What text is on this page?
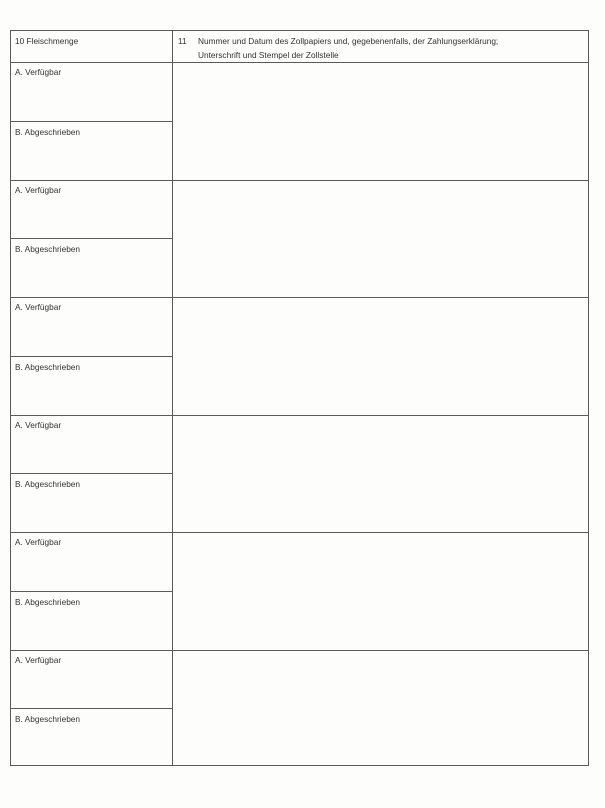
10 Fleischmenge	11 Nummer und Datum des Zollpapiers und, gegebenenfalls, der Zahlungserklärung;
Unterschrift und Stempel der Zollstelle
A. Verfügbar
B. Abgeschrieben
A. Verfügbar
B. Abgeschrieben
A. Verfügbar
B. Abgeschrieben
A. Verfügbar
B. Abgeschrieben
A. Verfügbar
B. Abgeschrieben
A. Verfügbar
B. Abgeschrieben
